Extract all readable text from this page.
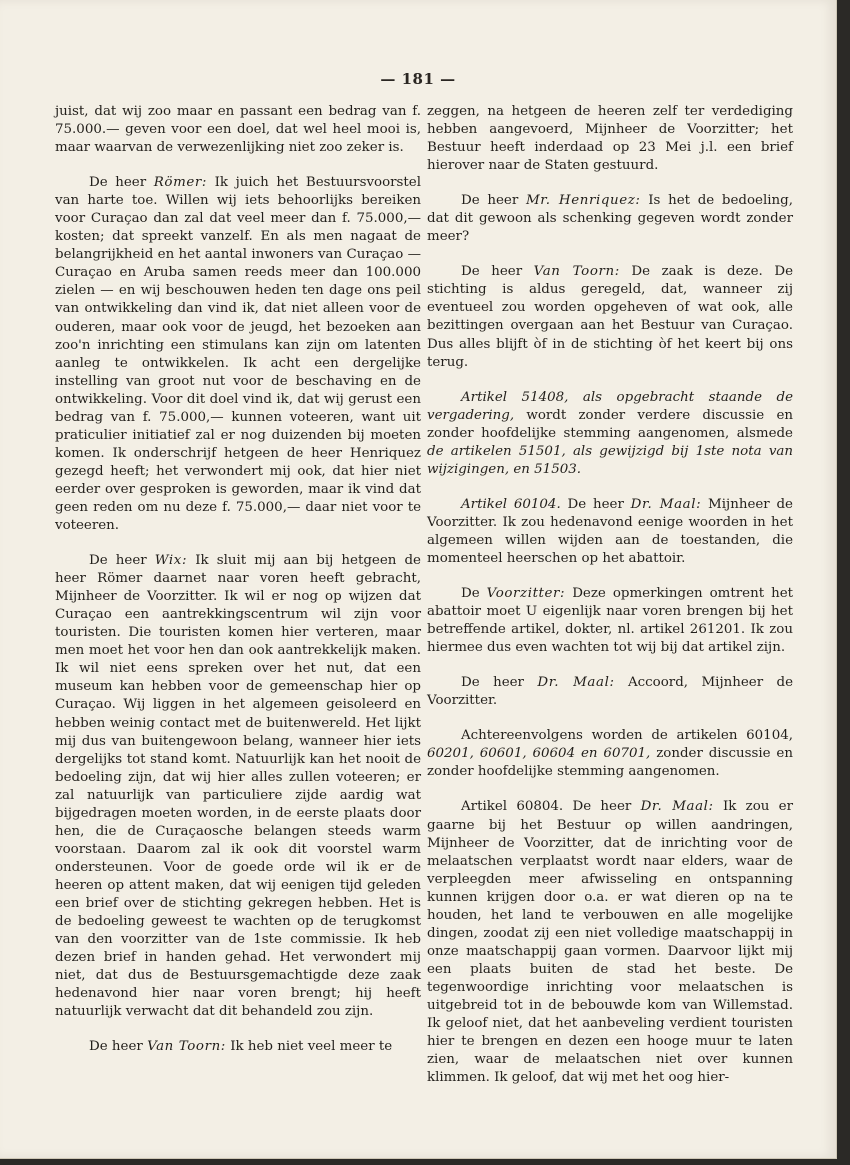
— 181 —

juist, dat wij zoo maar en passant een bedrag van f. 75.000.— geven voor een doel, dat wel heel mooi is, maar waarvan de verwezenlijking niet zoo zeker is.

De heer Römer: Ik juich het Bestuursvoorstel van harte toe. Willen wij iets behoorlijks bereiken voor Curaçao dan zal dat veel meer dan f. 75.000,— kosten; dat spreekt vanzelf. En als men nagaat de belangrijkheid en het aantal inwoners van Curaçao — Curaçao en Aruba samen reeds meer dan 100.000 zielen — en wij beschouwen heden ten dage ons peil van ontwikkeling dan vind ik, dat niet alleen voor de ouderen, maar ook voor de jeugd, het bezoeken aan zoo'n inrichting een stimulans kan zijn om latenten aanleg te ontwikkelen. Ik acht een dergelijke instelling van groot nut voor de beschaving en de ontwikkeling. Voor dit doel vind ik, dat wij gerust een bedrag van f. 75.000,— kunnen voteeren, want uit praticulier initiatief zal er nog duizenden bij moeten komen. Ik onderschrijf hetgeen de heer Henriquez gezegd heeft; het verwondert mij ook, dat hier niet eerder over gesproken is geworden, maar ik vind dat geen reden om nu deze f. 75.000,— daar niet voor te voteeren.

De heer Wix: Ik sluit mij aan bij hetgeen de heer Römer daarnet naar voren heeft gebracht, Mijnheer de Voorzitter. Ik wil er nog op wijzen dat Curaçao een aantrekkingscentrum wil zijn voor touristen. Die touristen komen hier verteren, maar men moet het voor hen dan ook aantrekkelijk maken. Ik wil niet eens spreken over het nut, dat een museum kan hebben voor de gemeenschap hier op Curaçao. Wij liggen in het algemeen geisoleerd en hebben weinig contact met de buitenwereld. Het lijkt mij dus van buitengewoon belang, wanneer hier iets dergelijks tot stand komt. Natuurlijk kan het nooit de bedoeling zijn, dat wij hier alles zullen voteeren; er zal natuurlijk van particuliere zijde aardig wat bijgedragen moeten worden, in de eerste plaats door hen, die de Curaçaosche belangen steeds warm voorstaan. Daarom zal ik ook dit voorstel warm ondersteunen. Voor de goede orde wil ik er de heeren op attent maken, dat wij eenigen tijd geleden een brief over de stichting gekregen hebben. Het is de bedoeling geweest te wachten op de terugkomst van den voorzitter van de 1ste commissie. Ik heb dezen brief in handen gehad. Het verwondert mij niet, dat dus de Bestuursgemachtigde deze zaak hedenavond hier naar voren brengt; hij heeft natuurlijk verwacht dat dit behandeld zou zijn.

De heer Van Toorn: Ik heb niet veel meer te

zeggen, na hetgeen de heeren zelf ter verdediging hebben aangevoerd, Mijnheer de Voorzitter; het Bestuur heeft inderdaad op 23 Mei j.l. een brief hierover naar de Staten gestuurd.

De heer Mr. Henriquez: Is het de bedoeling, dat dit gewoon als schenking gegeven wordt zonder meer?

De heer Van Toorn: De zaak is deze. De stichting is aldus geregeld, dat, wanneer zij eventueel zou worden opgeheven of wat ook, alle bezittingen overgaan aan het Bestuur van Curaçao. Dus alles blijft òf in de stichting òf het keert bij ons terug.

Artikel 51408, als opgebracht staande de vergadering, wordt zonder verdere discussie en zonder hoofdelijke stemming aangenomen, alsmede de artikelen 51501, als gewijzigd bij 1ste nota van wijzigingen, en 51503.

Artikel 60104. De heer Dr. Maal: Mijnheer de Voorzitter. Ik zou hedenavond eenige woorden in het algemeen willen wijden aan de toestanden, die momenteel heerschen op het abattoir.

De Voorzitter: Deze opmerkingen omtrent het abattoir moet U eigenlijk naar voren brengen bij het betreffende artikel, dokter, nl. artikel 261201. Ik zou hiermee dus even wachten tot wij bij dat artikel zijn.

De heer Dr. Maal: Accoord, Mijnheer de Voorzitter.

Achtereenvolgens worden de artikelen 60104, 60201, 60601, 60604 en 60701, zonder discussie en zonder hoofdelijke stemming aangenomen.

Artikel 60804. De heer Dr. Maal: Ik zou er gaarne bij het Bestuur op willen aandringen, Mijnheer de Voorzitter, dat de inrichting voor de melaatschen verplaatst wordt naar elders, waar de verpleegden meer afwisseling en ontspanning kunnen krijgen door o.a. er wat dieren op na te houden, het land te verbouwen en alle mogelijke dingen, zoodat zij een niet volledige maatschappij in onze maatschappij gaan vormen. Daarvoor lijkt mij een plaats buiten de stad het beste. De tegenwoordige inrichting voor melaatschen is uitgebreid tot in de bebouwde kom van Willemstad. Ik geloof niet, dat het aanbeveling verdient touristen hier te brengen en dezen een hooge muur te laten zien, waar de melaatschen niet over kunnen klimmen. Ik geloof, dat wij met het oog hier-
